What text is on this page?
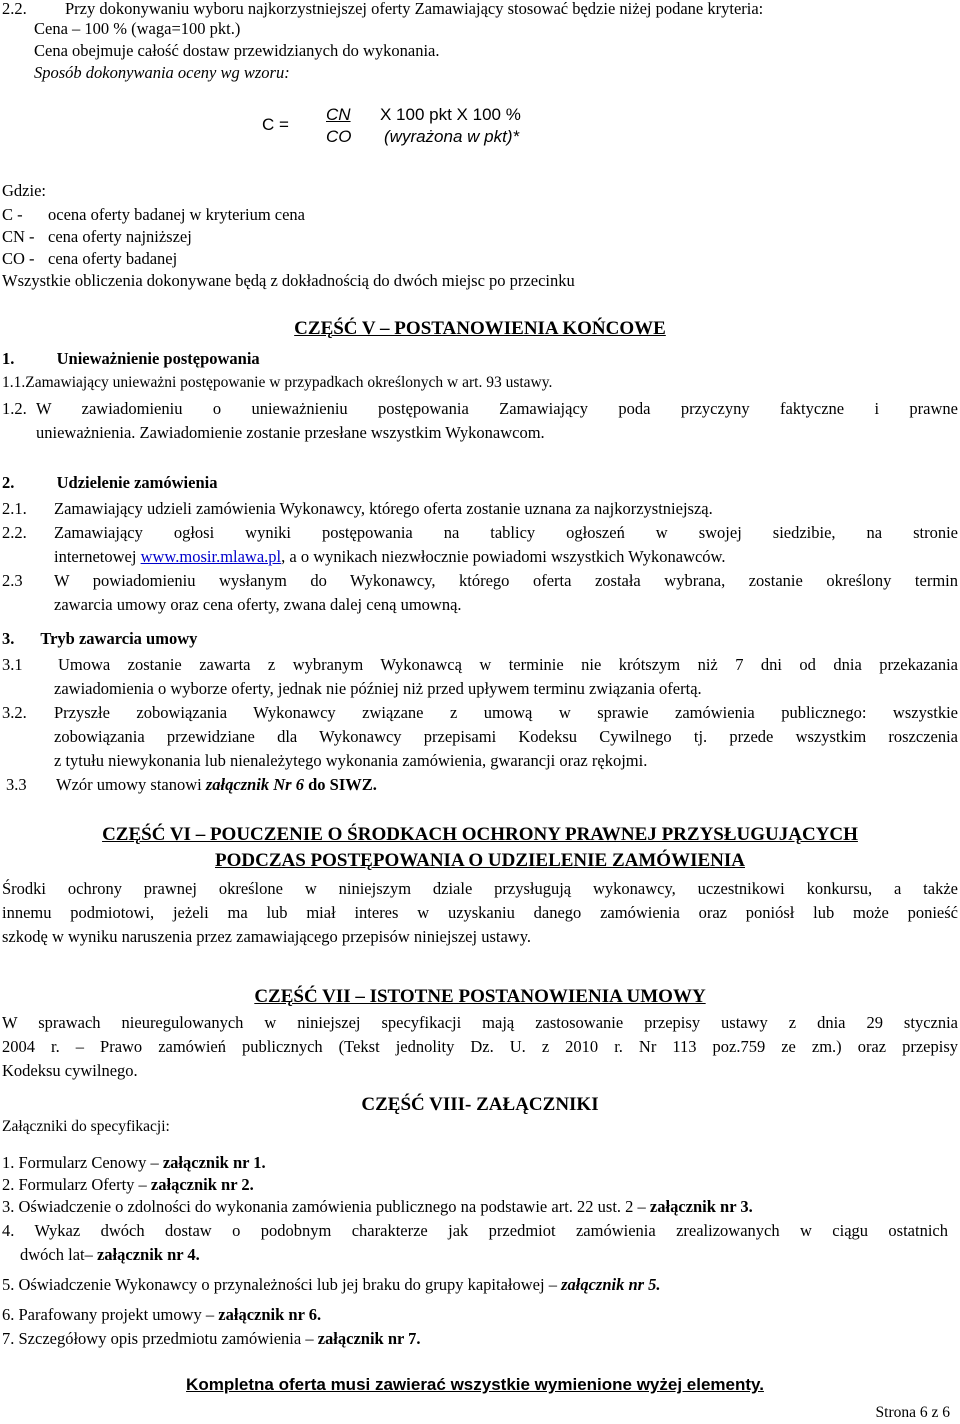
2.2. Przy dokonywaniu wyboru najkorzystniejszej oferty Zamawiający stosować będzie niżej podane kryteria:
Cena – 100 % (waga=100 pkt.)
Cena obejmuje całość dostaw przewidzianych do wykonania.
Sposób dokonywania oceny wg wzoru:
C =
CN
CO
X 100 pkt X 100 %
(wyrażona w pkt)*
Gdzie:
C - ocena oferty badanej w kryterium cena
CN - cena oferty najniższej
CO - cena oferty badanej
Wszystkie obliczenia dokonywane będą z dokładnością do dwóch miejsc po przecinku
CZĘŚĆ V – POSTANOWIENIA KOŃCOWE
1.	Unieważnienie postępowania
1.1.Zamawiający unieważni postępowanie w przypadkach określonych w art. 93 ustawy.
1.2. W zawiadomieniu o unieważnieniu postępowania Zamawiający poda przyczyny faktyczne i prawne
unieważnienia. Zawiadomienie zostanie przesłane wszystkim Wykonawcom.
2.	Udzielenie zamówienia
2.1. Zamawiający udzieli zamówienia Wykonawcy, którego oferta zostanie uznana za najkorzystniejszą.
2.2. Zamawiający ogłosi wyniki postępowania na tablicy ogłoszeń w swojej siedzibie, na stronie
internetowej www.mosir.mlawa.pl, a o wynikach niezwłocznie powiadomi wszystkich Wykonawców.
2.3 W powiadomieniu wysłanym do Wykonawcy, którego oferta została wybrana, zostanie określony termin
zawarcia umowy oraz cena oferty, zwana dalej ceną umowną.
3. Tryb zawarcia umowy
3.1 Umowa zostanie zawarta z wybranym Wykonawcą w terminie nie krótszym niż 7 dni od dnia przekazania
zawiadomienia o wyborze oferty, jednak nie później niż przed upływem terminu związania ofertą.
3.2. Przyszłe zobowiązania Wykonawcy związane z umową w sprawie zamówienia publicznego: wszystkie
zobowiązania przewidziane dla Wykonawcy przepisami Kodeksu Cywilnego tj. przede wszystkim roszczenia
z tytułu niewykonania lub nienależytego wykonania zamówienia, gwarancji oraz rękojmi.
3.3 Wzór umowy stanowi załącznik Nr 6 do SIWZ.
CZĘŚĆ VI – POUCZENIE O ŚRODKACH OCHRONY PRAWNEJ PRZYSŁUGUJĄCYCH
PODCZAS POSTĘPOWANIA O UDZIELENIE ZAMÓWIENIA
Środki ochrony prawnej określone w niniejszym dziale przysługują wykonawcy, uczestnikowi konkursu, a także
innemu podmiotowi, jeżeli ma lub miał interes w uzyskaniu danego zamówienia oraz poniósł lub może ponieść
szkodę w wyniku naruszenia przez zamawiającego przepisów niniejszej ustawy.
CZĘŚĆ VII – ISTOTNE POSTANOWIENIA UMOWY
W sprawach nieuregulowanych w niniejszej specyfikacji mają zastosowanie przepisy ustawy z dnia 29 stycznia
2004 r. – Prawo zamówień publicznych (Tekst jednolity Dz. U. z 2010 r. Nr 113 poz.759 ze zm.) oraz przepisy
Kodeksu cywilnego.
CZĘŚĆ VIII- ZAŁĄCZNIKI
Załączniki do specyfikacji:
1. Formularz Cenowy – załącznik nr 1.
2. Formularz Oferty – załącznik nr 2.
3. Oświadczenie o zdolności do wykonania zamówienia publicznego na podstawie art. 22 ust. 2 – załącznik nr 3.
4. Wykaz dwóch dostaw o podobnym charakterze jak przedmiot zamówienia zrealizowanych w ciągu ostatnich
dwóch lat– załącznik nr 4.
5. Oświadczenie Wykonawcy o przynależności lub jej braku do grupy kapitałowej – załącznik nr 5.
6. Parafowany projekt umowy – załącznik nr 6.
7. Szczegółowy opis przedmiotu zamówienia – załącznik nr 7.
Kompletna oferta musi zawierać wszystkie wymienione wyżej elementy.
Strona 6 z 6
